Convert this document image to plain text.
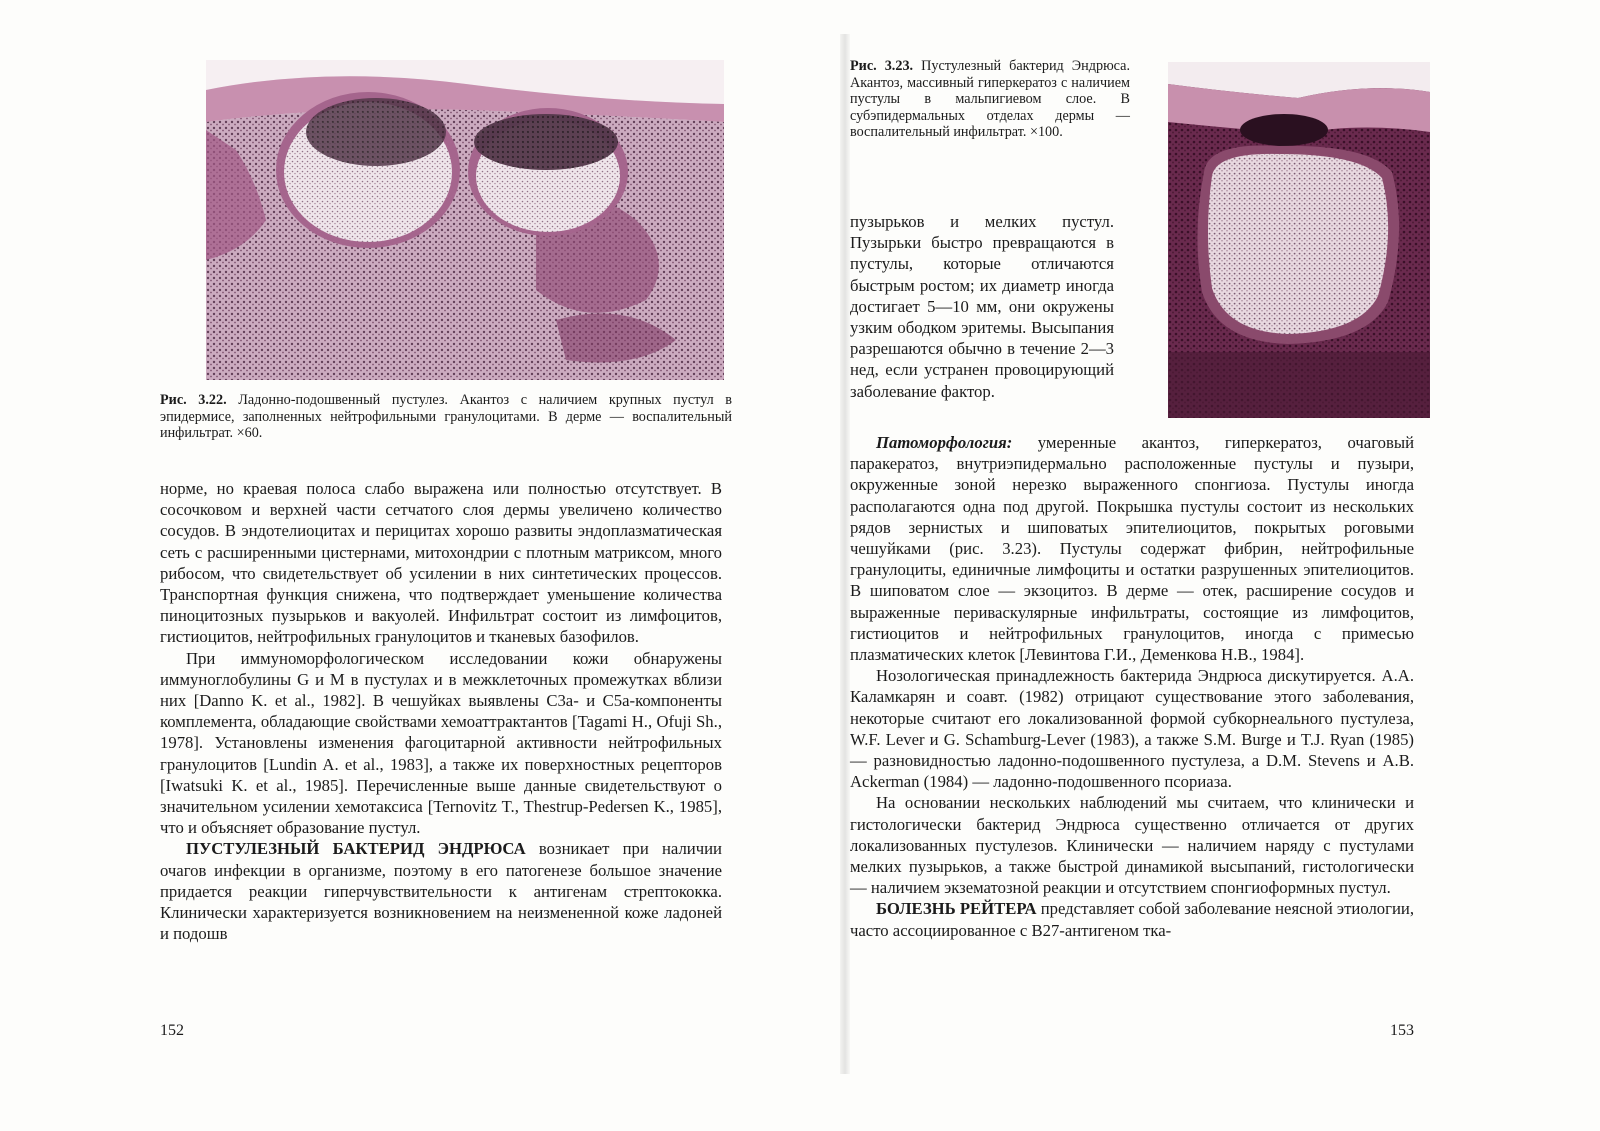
Рис. 3.22. Ладонно-подошвенный пустулез. Акантоз с наличием крупных пустул в эпидермисе, заполненных нейтрофильными гранулоцитами. В дерме — воспалительный инфильтрат. ×60.

норме, но краевая полоса слабо выражена или полностью отсутствует. В сосочковом и верхней части сетчатого слоя дермы увеличено количество сосудов. В эндотелиоцитах и перицитах хорошо развиты эндоплазматическая сеть с расширенными цистернами, митохондрии с плотным матриксом, много рибосом, что свидетельствует об усилении в них синтетических процессов. Транспортная функция снижена, что подтверждает уменьшение количества пиноцитозных пузырьков и вакуолей. Инфильтрат состоит из лимфоцитов, гистиоцитов, нейтрофильных гранулоцитов и тканевых базофилов.

При иммуноморфологическом исследовании кожи обнаружены иммуноглобулины G и M в пустулах и в межклеточных промежутках вблизи них [Danno K. et al., 1982]. В чешуйках выявлены C3a- и C5a-компоненты комплемента, обладающие свойствами хемоаттрактантов [Tagami H., Ofuji Sh., 1978]. Установлены изменения фагоцитарной активности нейтрофильных гранулоцитов [Lundin A. et al., 1983], а также их поверхностных рецепторов [Iwatsuki K. et al., 1985]. Перечисленные выше данные свидетельствуют о значительном усилении хемотаксиса [Ternovitz T., Thestrup-Pedersen K., 1985], что и объясняет образование пустул.

ПУСТУЛЕЗНЫЙ БАКТЕРИД ЭНДРЮСА возникает при наличии очагов инфекции в организме, поэтому в его патогенезе большое значение придается реакции гиперчувствительности к антигенам стрептококка. Клинически характеризуется возникновением на неизмененной коже ладоней и подошв

152

Рис. 3.23. Пустулезный бактерид Эндрюса. Акантоз, массивный гиперкератоз с наличием пустулы в мальпигиевом слое. В субэпидермальных отделах дермы — воспалительный инфильтрат. ×100.

пузырьков и мелких пустул. Пузырьки быстро превращаются в пустулы, которые отличаются быстрым ростом; их диаметр иногда достигает 5—10 мм, они окружены узким ободком эритемы. Высыпания разрешаются обычно в течение 2—3 нед, если устранен провоцирующий заболевание фактор.

Патоморфология: умеренные акантоз, гиперкератоз, очаговый паракератоз, внутриэпидермально расположенные пустулы и пузыри, окруженные зоной нерезко выраженного спонгиоза. Пустулы иногда располагаются одна под другой. Покрышка пустулы состоит из нескольких рядов зернистых и шиповатых эпителиоцитов, покрытых роговыми чешуйками (рис. 3.23). Пустулы содержат фибрин, нейтрофильные гранулоциты, единичные лимфоциты и остатки разрушенных эпителиоцитов. В шиповатом слое — экзоцитоз. В дерме — отек, расширение сосудов и выраженные периваскулярные инфильтраты, состоящие из лимфоцитов, гистиоцитов и нейтрофильных гранулоцитов, иногда с примесью плазматических клеток [Левинтова Г.И., Деменкова Н.В., 1984].

Нозологическая принадлежность бактерида Эндрюса дискутируется. А.А. Каламкарян и соавт. (1982) отрицают существование этого заболевания, некоторые считают его локализованной формой субкорнеального пустулеза, W.F. Lever и G. Schamburg-Lever (1983), а также S.M. Burge и T.J. Ryan (1985) — разновидностью ладонно-подошвенного пустулеза, а D.M. Stevens и A.B. Ackerman (1984) — ладонно-подошвенного псориаза.

На основании нескольких наблюдений мы считаем, что клинически и гистологически бактерид Эндрюса существенно отличается от других локализованных пустулезов. Клинически — наличием наряду с пустулами мелких пузырьков, а также быстрой динамикой высыпаний, гистологически — наличием экзематозной реакции и отсутствием спонгиоформных пустул.

БОЛЕЗНЬ РЕЙТЕРА представляет собой заболевание неясной этиологии, часто ассоциированное с B27-антигеном тка-

153
